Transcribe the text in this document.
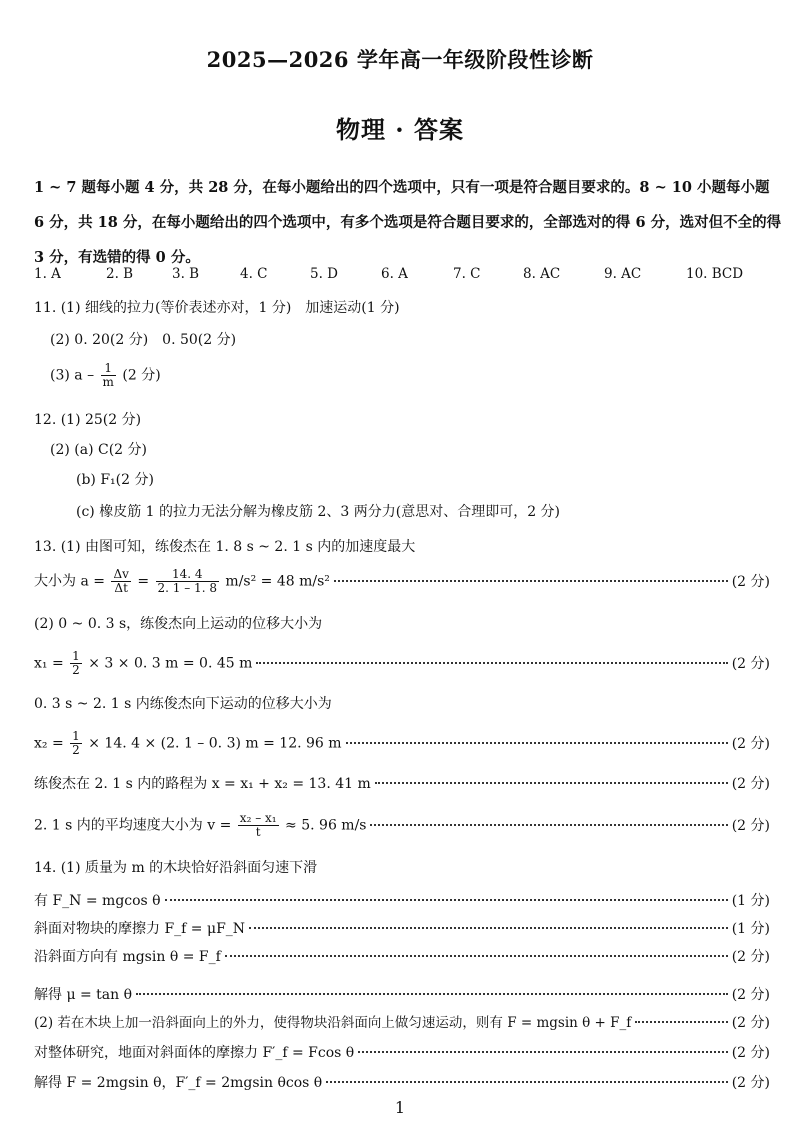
2025—2026 学年高一年级阶段性诊断
物理 · 答案

1 ~ 7 题每小题 4 分，共 28 分，在每小题给出的四个选项中，只有一项是符合题目要求的。8 ~ 10 小题每小题

6 分，共 18 分，在每小题给出的四个选项中，有多个选项是符合题目要求的，全部选对的得 6 分，选对但不全的得

3 分，有选错的得 0 分。

1. A	2. B	3. B	4. C	5. D	6. A	7. C	8. AC	9. AC	10. BCD
11. (1) 细线的拉力(等价表述亦对，1 分)　加速运动(1 分)
(2) 0. 20(2 分)　0. 50(2 分)
(3) a – $\frac{1}{m} (2$ 分)
12. (1) 25(2 分)
(2) (a) C(2 分)
(b) F₁(2 分)
(c) 橡皮筋 1 的拉力无法分解为橡皮筋 2、3 两分力(意思对、合理即可，2 分)
13. (1) 由图可知，练俊杰在 1. 8 s ~ 2. 1 s 内的加速度最大
大小为 $a = \frac{\Delta v}{\Delta t} = \frac{14. 4}{2. 1 - 1. 8} m/s^2 = 48$ m/s²	(2 分)
(2) 0 ~ 0. 3 s，练俊杰向上运动的位移大小为
$x_1 = \frac{1}{2} \times 3 \times 0$. 3 m = 0. 45 m	(2 分)
0. 3 s ~ 2. 1 s 内练俊杰向下运动的位移大小为
$x_2 = \frac{1}{2} \times 14$. 4 × (2. 1 – 0. 3) m = 12. 96 m	(2 分)
练俊杰在 2. 1 s 内的路程为 x = x₁ + x₂ = 13. 41 m	(2 分)
2. 1 s 内的平均速度大小为 $v = \frac{\text{x₂ – x₁}}{t} \approx 5$. 96 m/s	(2 分)
14. (1) 质量为 m 的木块恰好沿斜面匀速下滑
有 F_N = mgcos θ	(1 分)
斜面对物块的摩擦力 F_f = μF_N	(1 分)
沿斜面方向有 mgsin θ = F_f	(2 分)
解得 μ = tan θ	(2 分)
(2) 若在木块上加一沿斜面向上的外力，使得物块沿斜面向上做匀速运动，则有 F = mgsin θ + F_f	(2 分)
对整体研究，地面对斜面体的摩擦力 F′_f = Fcos θ	(2 分)
解得 F = 2mgsin θ，F′_f = 2mgsin θcos θ	(2 分)
1
